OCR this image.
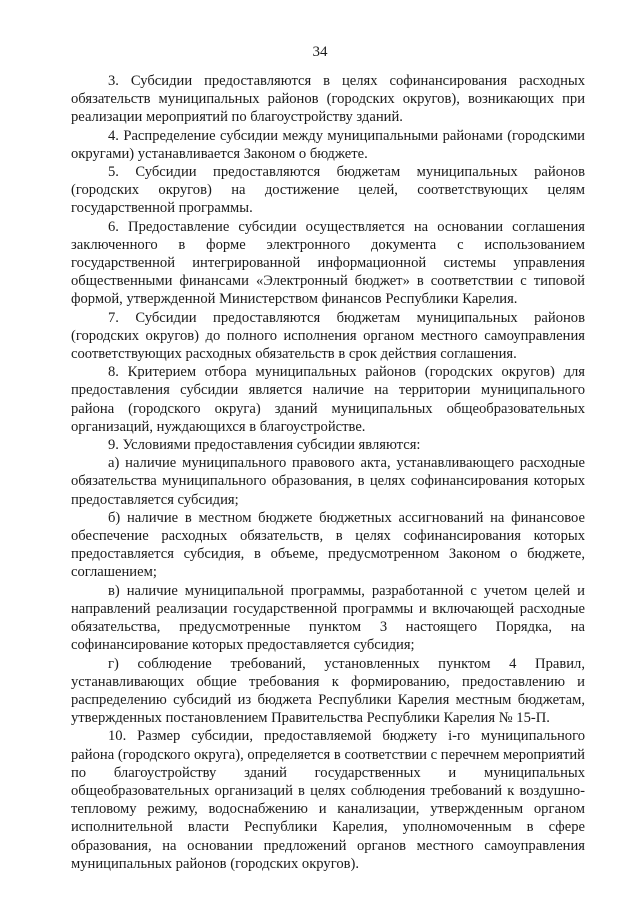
34

3. Субсидии предоставляются в целях софинансирования расходных обязательств муниципальных районов (городских округов), возникающих при реализации мероприятий по благоустройству зданий.

4. Распределение субсидии между муниципальными районами (городскими округами) устанавливается Законом о бюджете.

5. Субсидии предоставляются бюджетам муниципальных районов (городских округов) на достижение целей, соответствующих целям государственной программы.

6. Предоставление субсидии осуществляется на основании соглашения заключенного в форме электронного документа с использованием государственной интегрированной информационной системы управления общественными финансами «Электронный бюджет» в соответствии с типовой формой, утвержденной Министерством финансов Республики Карелия.

7. Субсидии предоставляются бюджетам муниципальных районов (городских округов) до полного исполнения органом местного самоуправления соответствующих расходных обязательств в срок действия соглашения.

8. Критерием отбора муниципальных районов (городских округов) для предоставления субсидии является наличие на территории муниципального района (городского округа) зданий муниципальных общеобразовательных организаций, нуждающихся в благоустройстве.

9. Условиями предоставления субсидии являются:

а) наличие муниципального правового акта, устанавливающего расходные обязательства муниципального образования, в целях софинансирования которых предоставляется субсидия;

б) наличие в местном бюджете бюджетных ассигнований на финансовое обеспечение расходных обязательств, в целях софинансирования которых предоставляется субсидия, в объеме, предусмотренном Законом о бюджете, соглашением;

в) наличие муниципальной программы, разработанной с учетом целей и направлений реализации государственной программы и включающей расходные обязательства, предусмотренные пунктом 3 настоящего Порядка, на софинансирование которых предоставляется субсидия;

г) соблюдение требований, установленных пунктом 4 Правил, устанавливающих общие требования к формированию, предоставлению и распределению субсидий из бюджета Республики Карелия местным бюджетам, утвержденных постановлением Правительства Республики Карелия № 15-П.

10. Размер субсидии, предоставляемой бюджету i-го муниципального района (городского округа), определяется в соответствии с перечнем мероприятий по благоустройству зданий государственных и муниципальных общеобразовательных организаций в целях соблюдения требований к воздушно-тепловому режиму, водоснабжению и канализации, утвержденным органом исполнительной власти Республики Карелия, уполномоченным в сфере образования, на основании предложений органов местного самоуправления муниципальных районов (городских округов).
